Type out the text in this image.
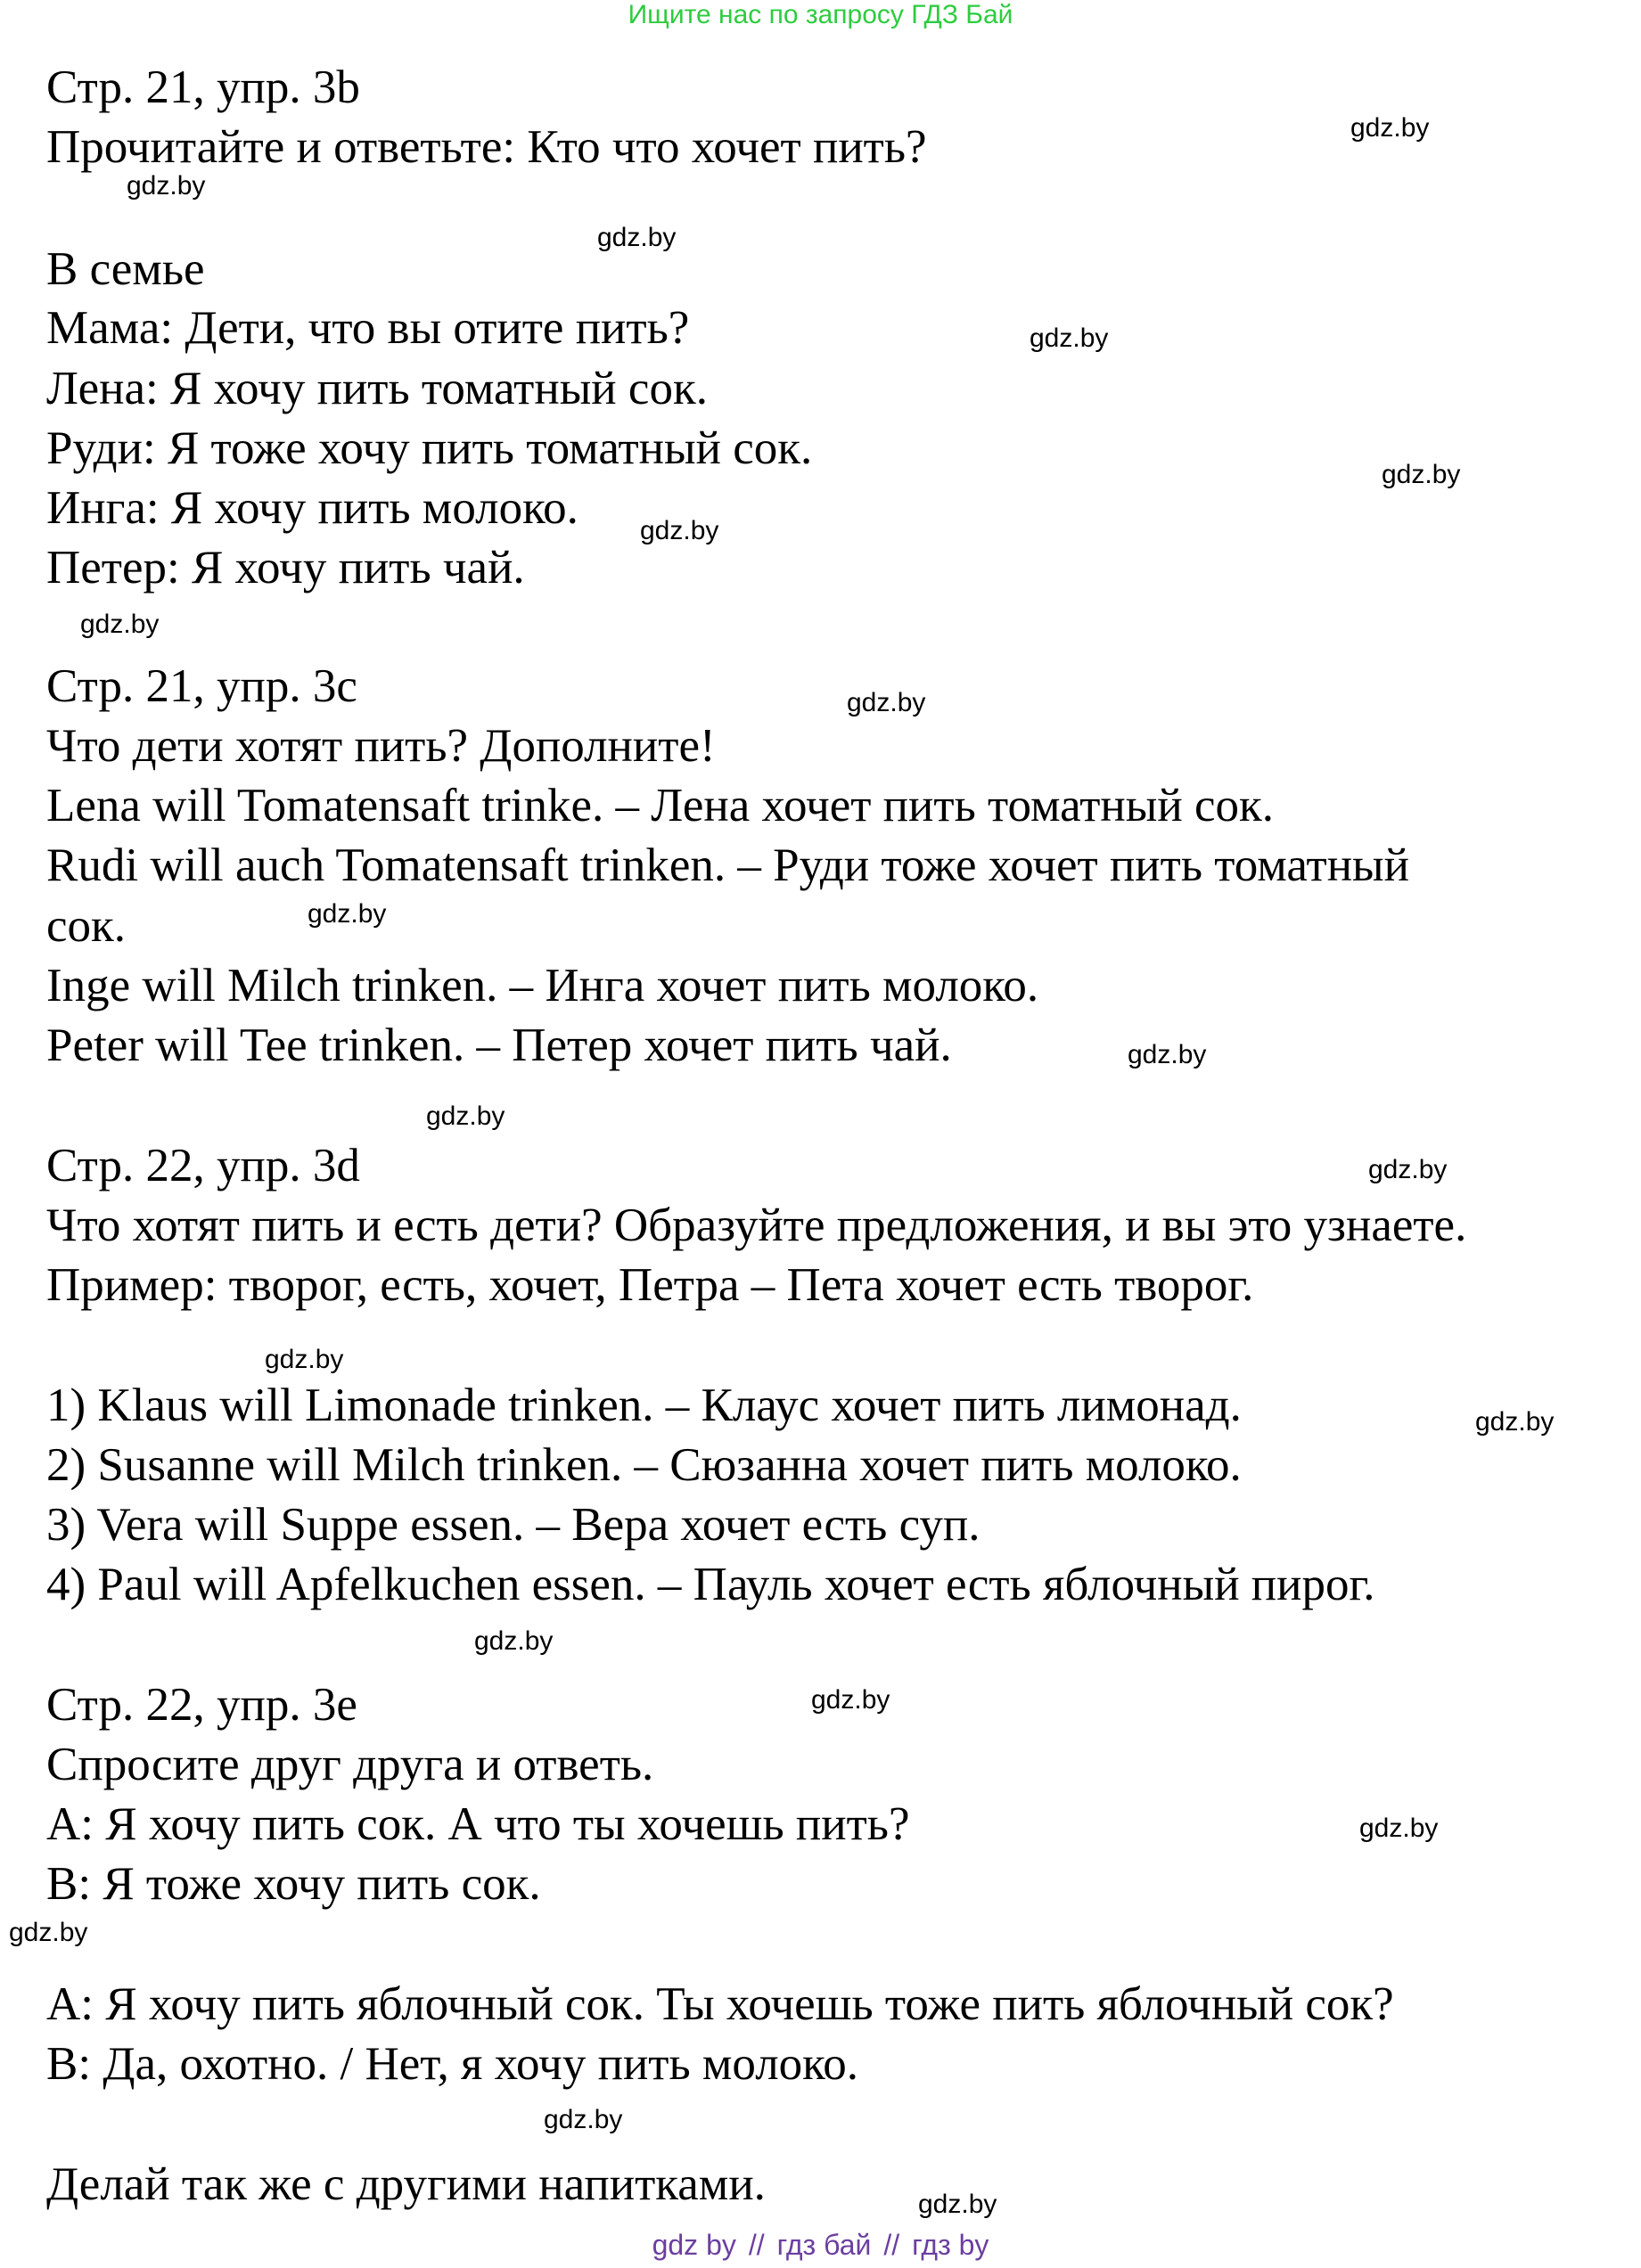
Ищите нас по запросу ГДЗ Бай
Стр. 21, упр. 3b
Прочитайте и ответьте: Кто что хочет пить?
В семье
Мама: Дети, что вы отите пить?
Лена: Я хочу пить томатный сок.
Руди: Я тоже хочу пить томатный сок.
Инга: Я хочу пить молоко.
Петер: Я хочу пить чай.
Стр. 21, упр. 3c
Что дети хотят пить? Дополните!
Lena will Tomatensaft trinke. – Лена хочет пить томатный сок.
Rudi will auch Tomatensaft trinken. – Руди тоже хочет пить томатный
сок.
Inge will Milch trinken. – Инга хочет пить молоко.
Peter will Tee trinken. – Петер хочет пить чай.
Стр. 22, упр. 3d
Что хотят пить и есть дети? Образуйте предложения, и вы это узнаете.
Пример: творог, есть, хочет, Петра – Пета хочет есть творог.
1) Klaus will Limonade trinken. – Клаус хочет пить лимонад.
2) Susanne will Milch trinken. – Сюзанна хочет пить молоко.
3) Vera will Suppe essen. – Вера хочет есть суп.
4) Paul will Apfelkuchen essen. – Пауль хочет есть яблочный пирог.
Стр. 22, упр. 3e
Спросите друг друга и ответь.
А: Я хочу пить сок. А что ты хочешь пить?
В: Я тоже хочу пить сок.
А: Я хочу пить яблочный сок. Ты хочешь тоже пить яблочный сок?
В: Да, охотно. / Нет, я хочу пить молоко.
Делай так же с другими напитками.
gdz.by
gdz.by
gdz.by
gdz.by
gdz.by
gdz.by
gdz.by
gdz.by
gdz.by
gdz.by
gdz.by
gdz.by
gdz.by
gdz.by
gdz.by
gdz.by
gdz.by
gdz.by
gdz.by
gdz.by
gdz by // гдз бай // гдз by
